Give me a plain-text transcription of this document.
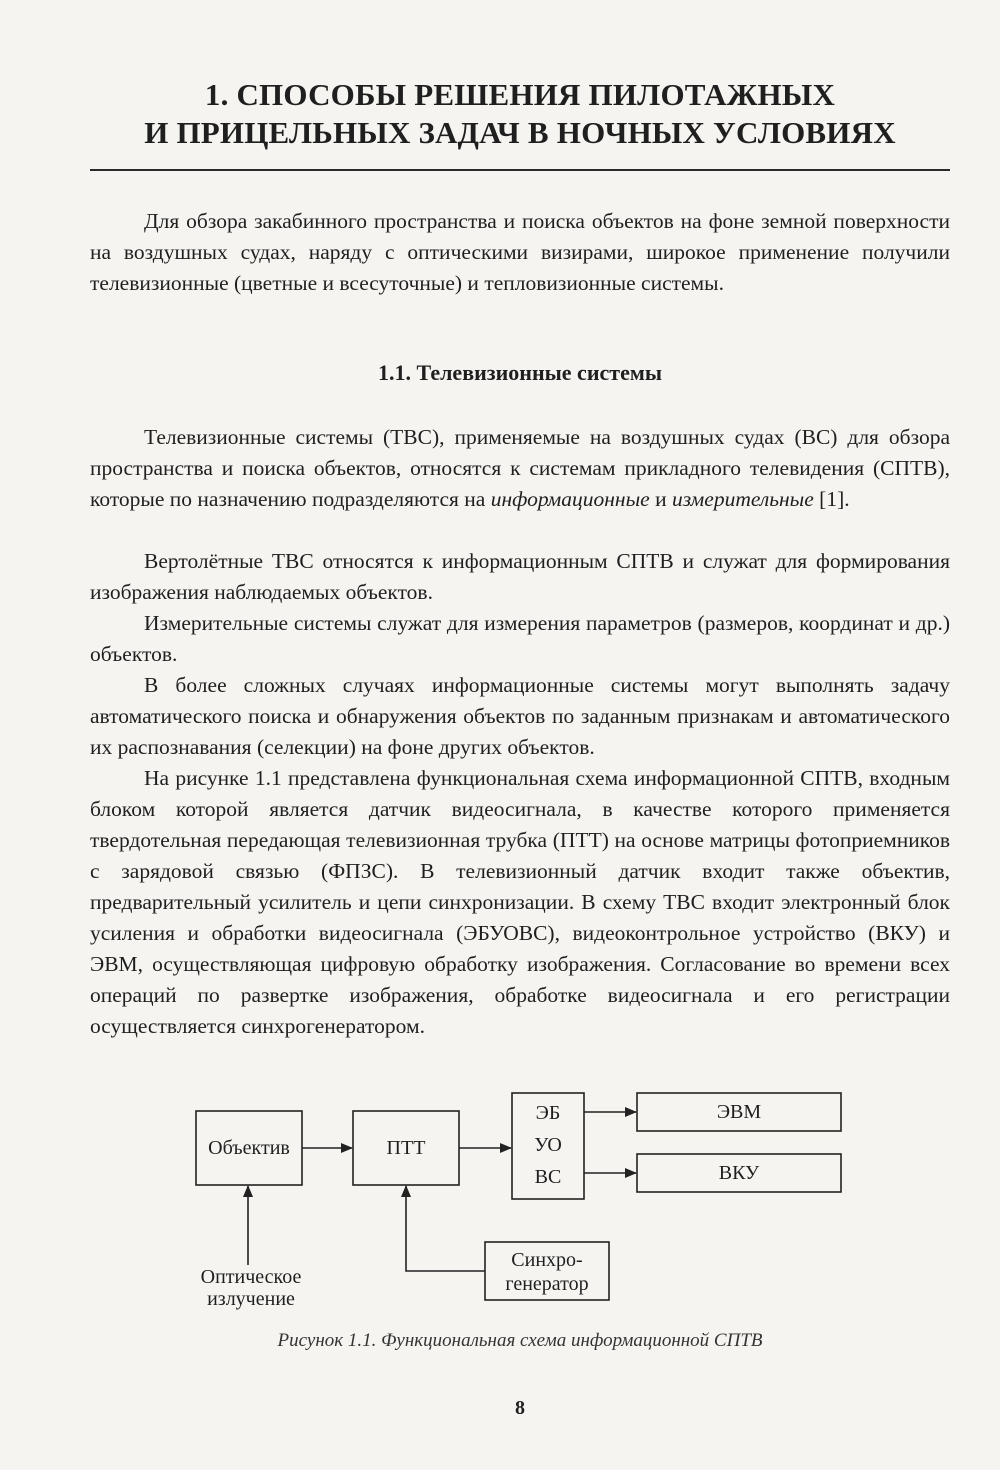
1. СПОСОБЫ РЕШЕНИЯ ПИЛОТАЖНЫХ
И ПРИЦЕЛЬНЫХ ЗАДАЧ В НОЧНЫХ УСЛОВИЯХ

Для обзора закабинного пространства и поиска объектов на фоне земной поверхности на воздушных судах, наряду с оптическими визирами, широкое применение получили телевизионные (цветные и всесуточные) и тепловизионные системы.

1.1. Телевизионные системы

Телевизионные системы (ТВС), применяемые на воздушных судах (ВС) для обзора пространства и поиска объектов, относятся к системам прикладного телевидения (СПТВ), которые по назначению подразделяются на информационные и измерительные [1].

Вертолётные ТВС относятся к информационным СПТВ и служат для формирования изображения наблюдаемых объектов.

Измерительные системы служат для измерения параметров (размеров, координат и др.) объектов.

В более сложных случаях информационные системы могут выполнять задачу автоматического поиска и обнаружения объектов по заданным признакам и автоматического их распознавания (селекции) на фоне других объектов.

На рисунке 1.1 представлена функциональная схема информационной СПТВ, входным блоком которой является датчик видеосигнала, в качестве которого применяется твердотельная передающая телевизионная трубка (ПТТ) на основе матрицы фотоприемников с зарядовой связью (ФПЗС). В телевизионный датчик входит также объектив, предварительный усилитель и цепи синхронизации. В схему ТВС входит электронный блок усиления и обработки видеосигнала (ЭБУОВС), видеоконтрольное устройство (ВКУ) и ЭВМ, осуществляющая цифровую обработку изображения. Согласование во времени всех операций по развертке изображения, обработке видеосигнала и его регистрации осуществляется синхрогенератором.

Объектив	ПТТ
ЭБ
УО
ВС
ЭВМ
ВКУ
Синхро-
генератор
Оптическое
излучение

Рисунок 1.1. Функциональная схема информационной СПТВ

8
